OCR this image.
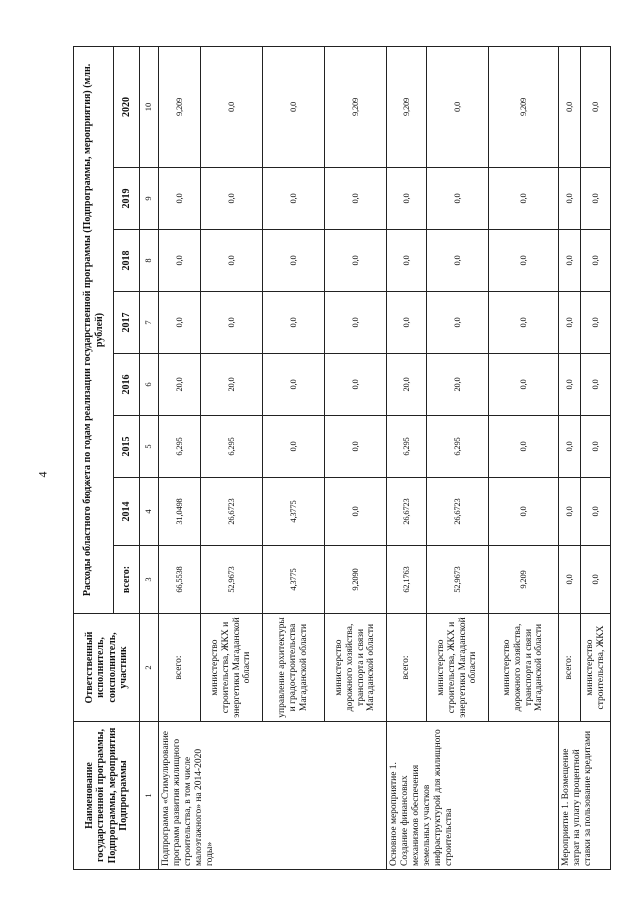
4
Наименование государственной программы, Подпрограммы, мероприятия Подпрограммы	Ответственный исполнитель, соисполнитель, участник	Расходы областного бюджета по годам реализации государственной программы (Подпрограммы, мероприятия) (млн. рублей)							
		всего:	2014	2015	2016	2017	2018	2019	2020
1	2	3	4	5	6	7	8	9	10
Подпрограмма «Стимулирование программ развития жилищного строительства, в том числе малоэтажного» на 2014-2020 годы»	всего:	66,5538	31,0498	6,295	20,0	0,0	0,0	0,0	9,209
	министерство строительства, ЖКХ и энергетики Магаданской области	52,9673	26,6723	6,295	20,0	0,0	0,0	0,0	0,0
	управление архитектуры и градостроительства Магаданской области	4,3775	4,3775	0,0	0,0	0,0	0,0	0,0	0,0
	министерство дорожного хозяйства, транспорта и связи Магаданской области	9,2090	0,0	0,0	0,0	0,0	0,0	0,0	9,209
Основное мероприятие 1. Создание финансовых механизмов обеспечения земельных участков инфраструктурой для жилищного строительства	всего:	62,1763	26,6723	6,295	20,0	0,0	0,0	0,0	9,209
	министерство строительства, ЖКХ и энергетики Магаданской области	52,9673	26,6723	6,295	20,0	0,0	0,0	0,0	0,0
	министерство дорожного хозяйства, транспорта и связи Магаданской области	9,209	0,0	0,0	0,0	0,0	0,0	0,0	9,209
Мероприятие 1. Возмещение затрат на уплату процентной ставки за пользование кредитами	всего:	0,0	0,0	0,0	0,0	0,0	0,0	0,0	0,0
	министерство строительства, ЖКХ	0,0	0,0	0,0	0,0	0,0	0,0	0,0	0,0
